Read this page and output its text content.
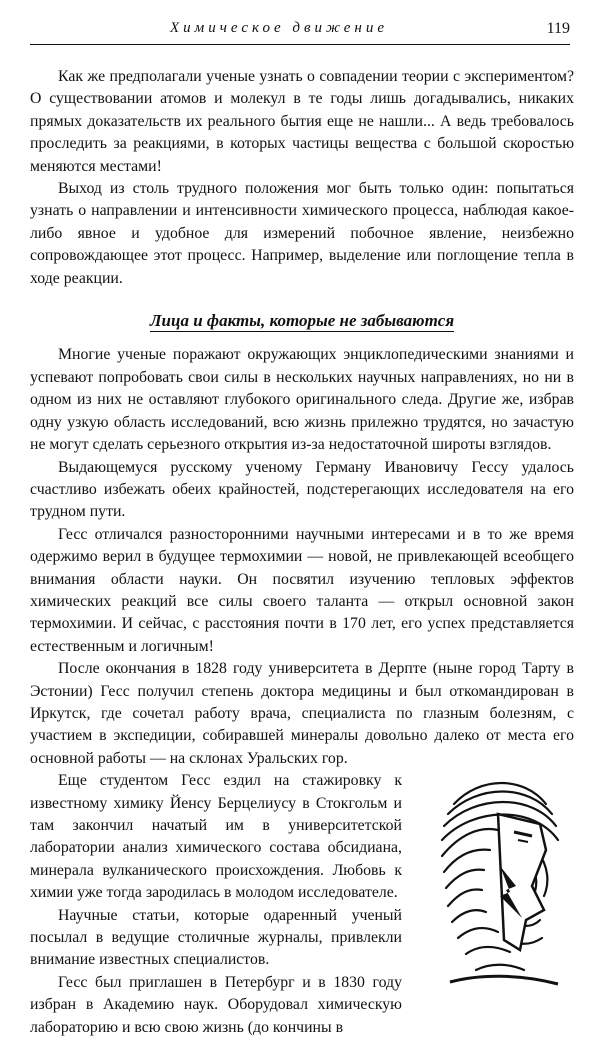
Химическое движение	119

Как же предполагали ученые узнать о совпадении теории с экспериментом? О существовании атомов и молекул в те годы лишь догадывались, никаких прямых доказательств их реального бытия еще не нашли... А ведь требовалось проследить за реакциями, в которых частицы вещества с большой скоростью меняются местами!

Выход из столь трудного положения мог быть только один: попытаться узнать о направлении и интенсивности химического процесса, наблюдая какое-либо явное и удобное для измерений побочное явление, неизбежно сопровождающее этот процесс. Например, выделение или поглощение тепла в ходе реакции.

Лица и факты, которые не забываются

Многие ученые поражают окружающих энциклопедическими знаниями и успевают попробовать свои силы в нескольких научных направлениях, но ни в одном из них не оставляют глубокого оригинального следа. Другие же, избрав одну узкую область исследований, всю жизнь прилежно трудятся, но зачастую не могут сделать серьезного открытия из-за недостаточной широты взглядов.

Выдающемуся русскому ученому Герману Ивановичу Гессу удалось счастливо избежать обеих крайностей, подстерегающих исследователя на его трудном пути.

Гесс отличался разносторонними научными интересами и в то же время одержимо верил в будущее термохимии — новой, не привлекающей всеобщего внимания области науки. Он посвятил изучению тепловых эффектов химических реакций все силы своего таланта — открыл основной закон термохимии. И сейчас, с расстояния почти в 170 лет, его успех представляется естественным и логичным!

После окончания в 1828 году университета в Дерпте (ныне город Тарту в Эстонии) Гесс получил степень доктора медицины и был откомандирован в Иркутск, где сочетал работу врача, специалиста по глазным болезням, с участием в экспедиции, собиравшей минералы довольно далеко от места его основной работы — на склонах Уральских гор.

Еще студентом Гесс ездил на стажировку к известному химику Йенсу Берцелиусу в Стокгольм и там закончил начатый им в университетской лаборатории анализ химического состава обсидиана, минерала вулканического происхождения. Любовь к химии уже тогда зародилась в молодом исследователе.

Научные статьи, которые одаренный ученый посылал в ведущие столичные журналы, привлекли внимание известных специалистов.

Гесс был приглашен в Петербург и в 1830 году избран в Академию наук. Оборудовал химическую лабораторию и всю свою жизнь (до кончины в
